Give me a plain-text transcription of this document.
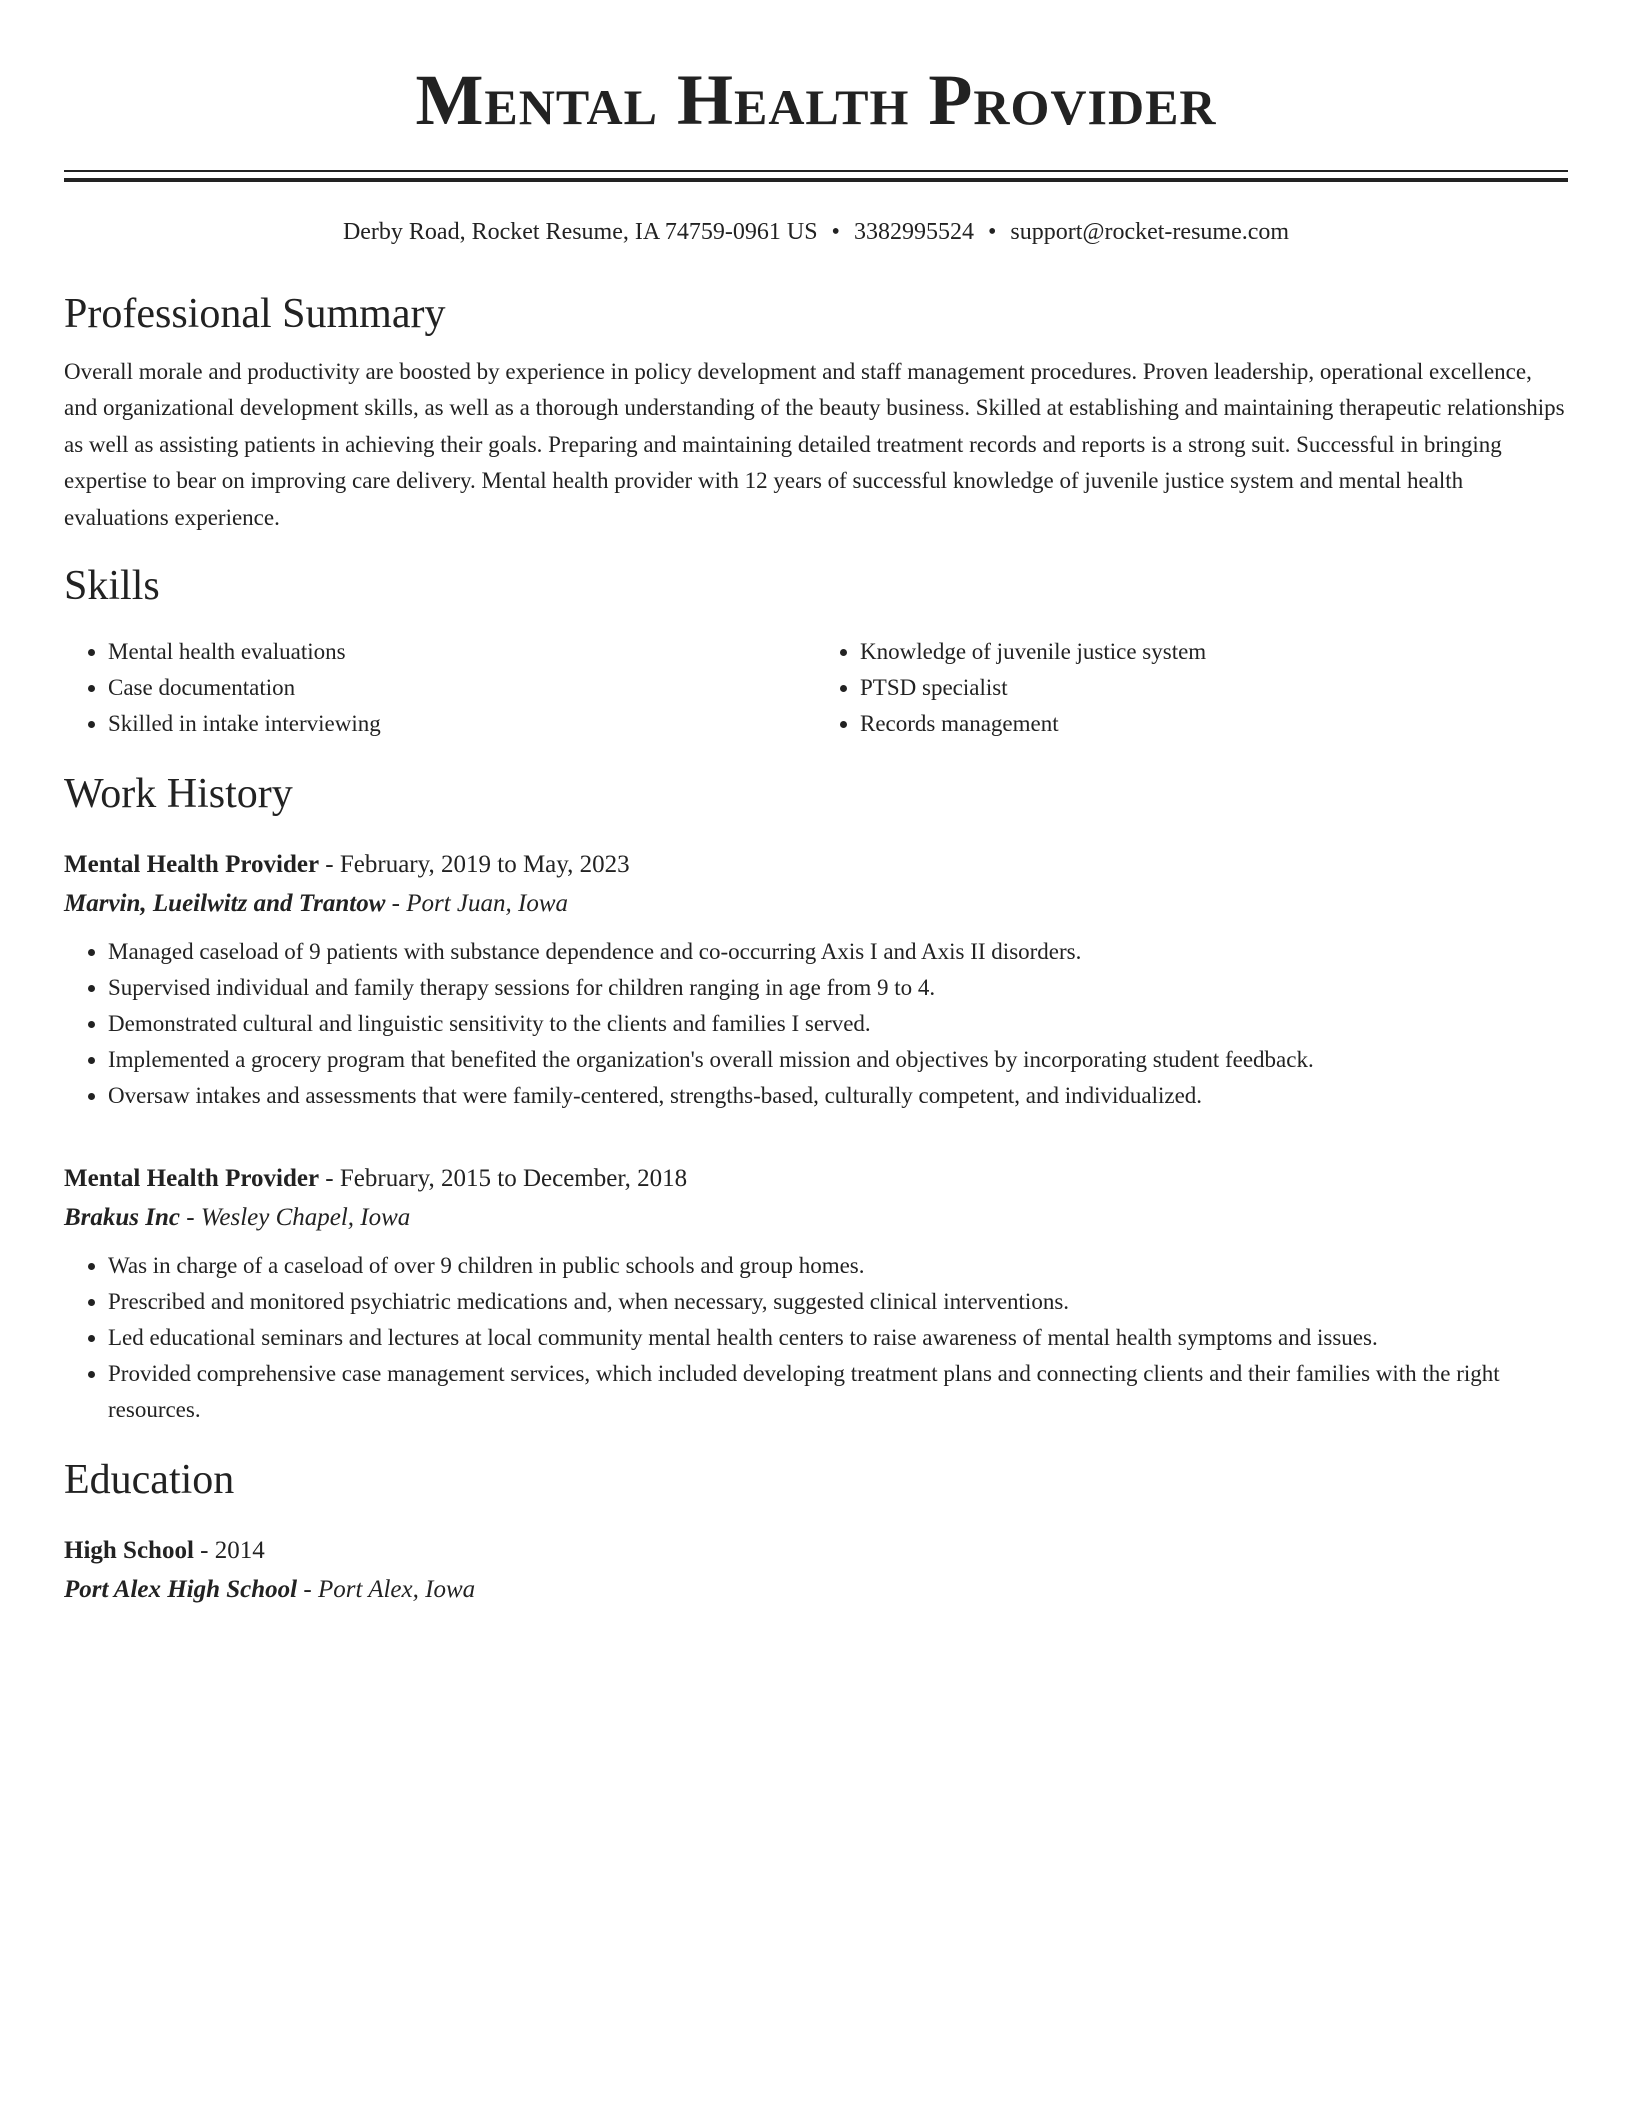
Mental Health Provider
Derby Road, Rocket Resume, IA 74759-0961 US • 3382995524 • support@rocket-resume.com
Professional Summary

Overall morale and productivity are boosted by experience in policy development and staff management procedures. Proven leadership, operational excellence, and organizational development skills, as well as a thorough understanding of the beauty business. Skilled at establishing and maintaining therapeutic relationships as well as assisting patients in achieving their goals. Preparing and maintaining detailed treatment records and reports is a strong suit. Successful in bringing expertise to bear on improving care delivery. Mental health provider with 12 years of successful knowledge of juvenile justice system and mental health evaluations experience.

Skills
• Mental health evaluations
• Case documentation
• Skilled in intake interviewing
• Knowledge of juvenile justice system
• PTSD specialist
• Records management
Work History
Mental Health Provider - February, 2019 to May, 2023
Marvin, Lueilwitz and Trantow - Port Juan, Iowa
• Managed caseload of 9 patients with substance dependence and co-occurring Axis I and Axis II disorders.
• Supervised individual and family therapy sessions for children ranging in age from 9 to 4.
• Demonstrated cultural and linguistic sensitivity to the clients and families I served.
• Implemented a grocery program that benefited the organization's overall mission and objectives by incorporating student feedback.
• Oversaw intakes and assessments that were family-centered, strengths-based, culturally competent, and individualized.
Mental Health Provider - February, 2015 to December, 2018
Brakus Inc - Wesley Chapel, Iowa
• Was in charge of a caseload of over 9 children in public schools and group homes.
• Prescribed and monitored psychiatric medications and, when necessary, suggested clinical interventions.
• Led educational seminars and lectures at local community mental health centers to raise awareness of mental health symptoms and issues.
• Provided comprehensive case management services, which included developing treatment plans and connecting clients and their families with the right resources.
Education
High School - 2014
Port Alex High School - Port Alex, Iowa
